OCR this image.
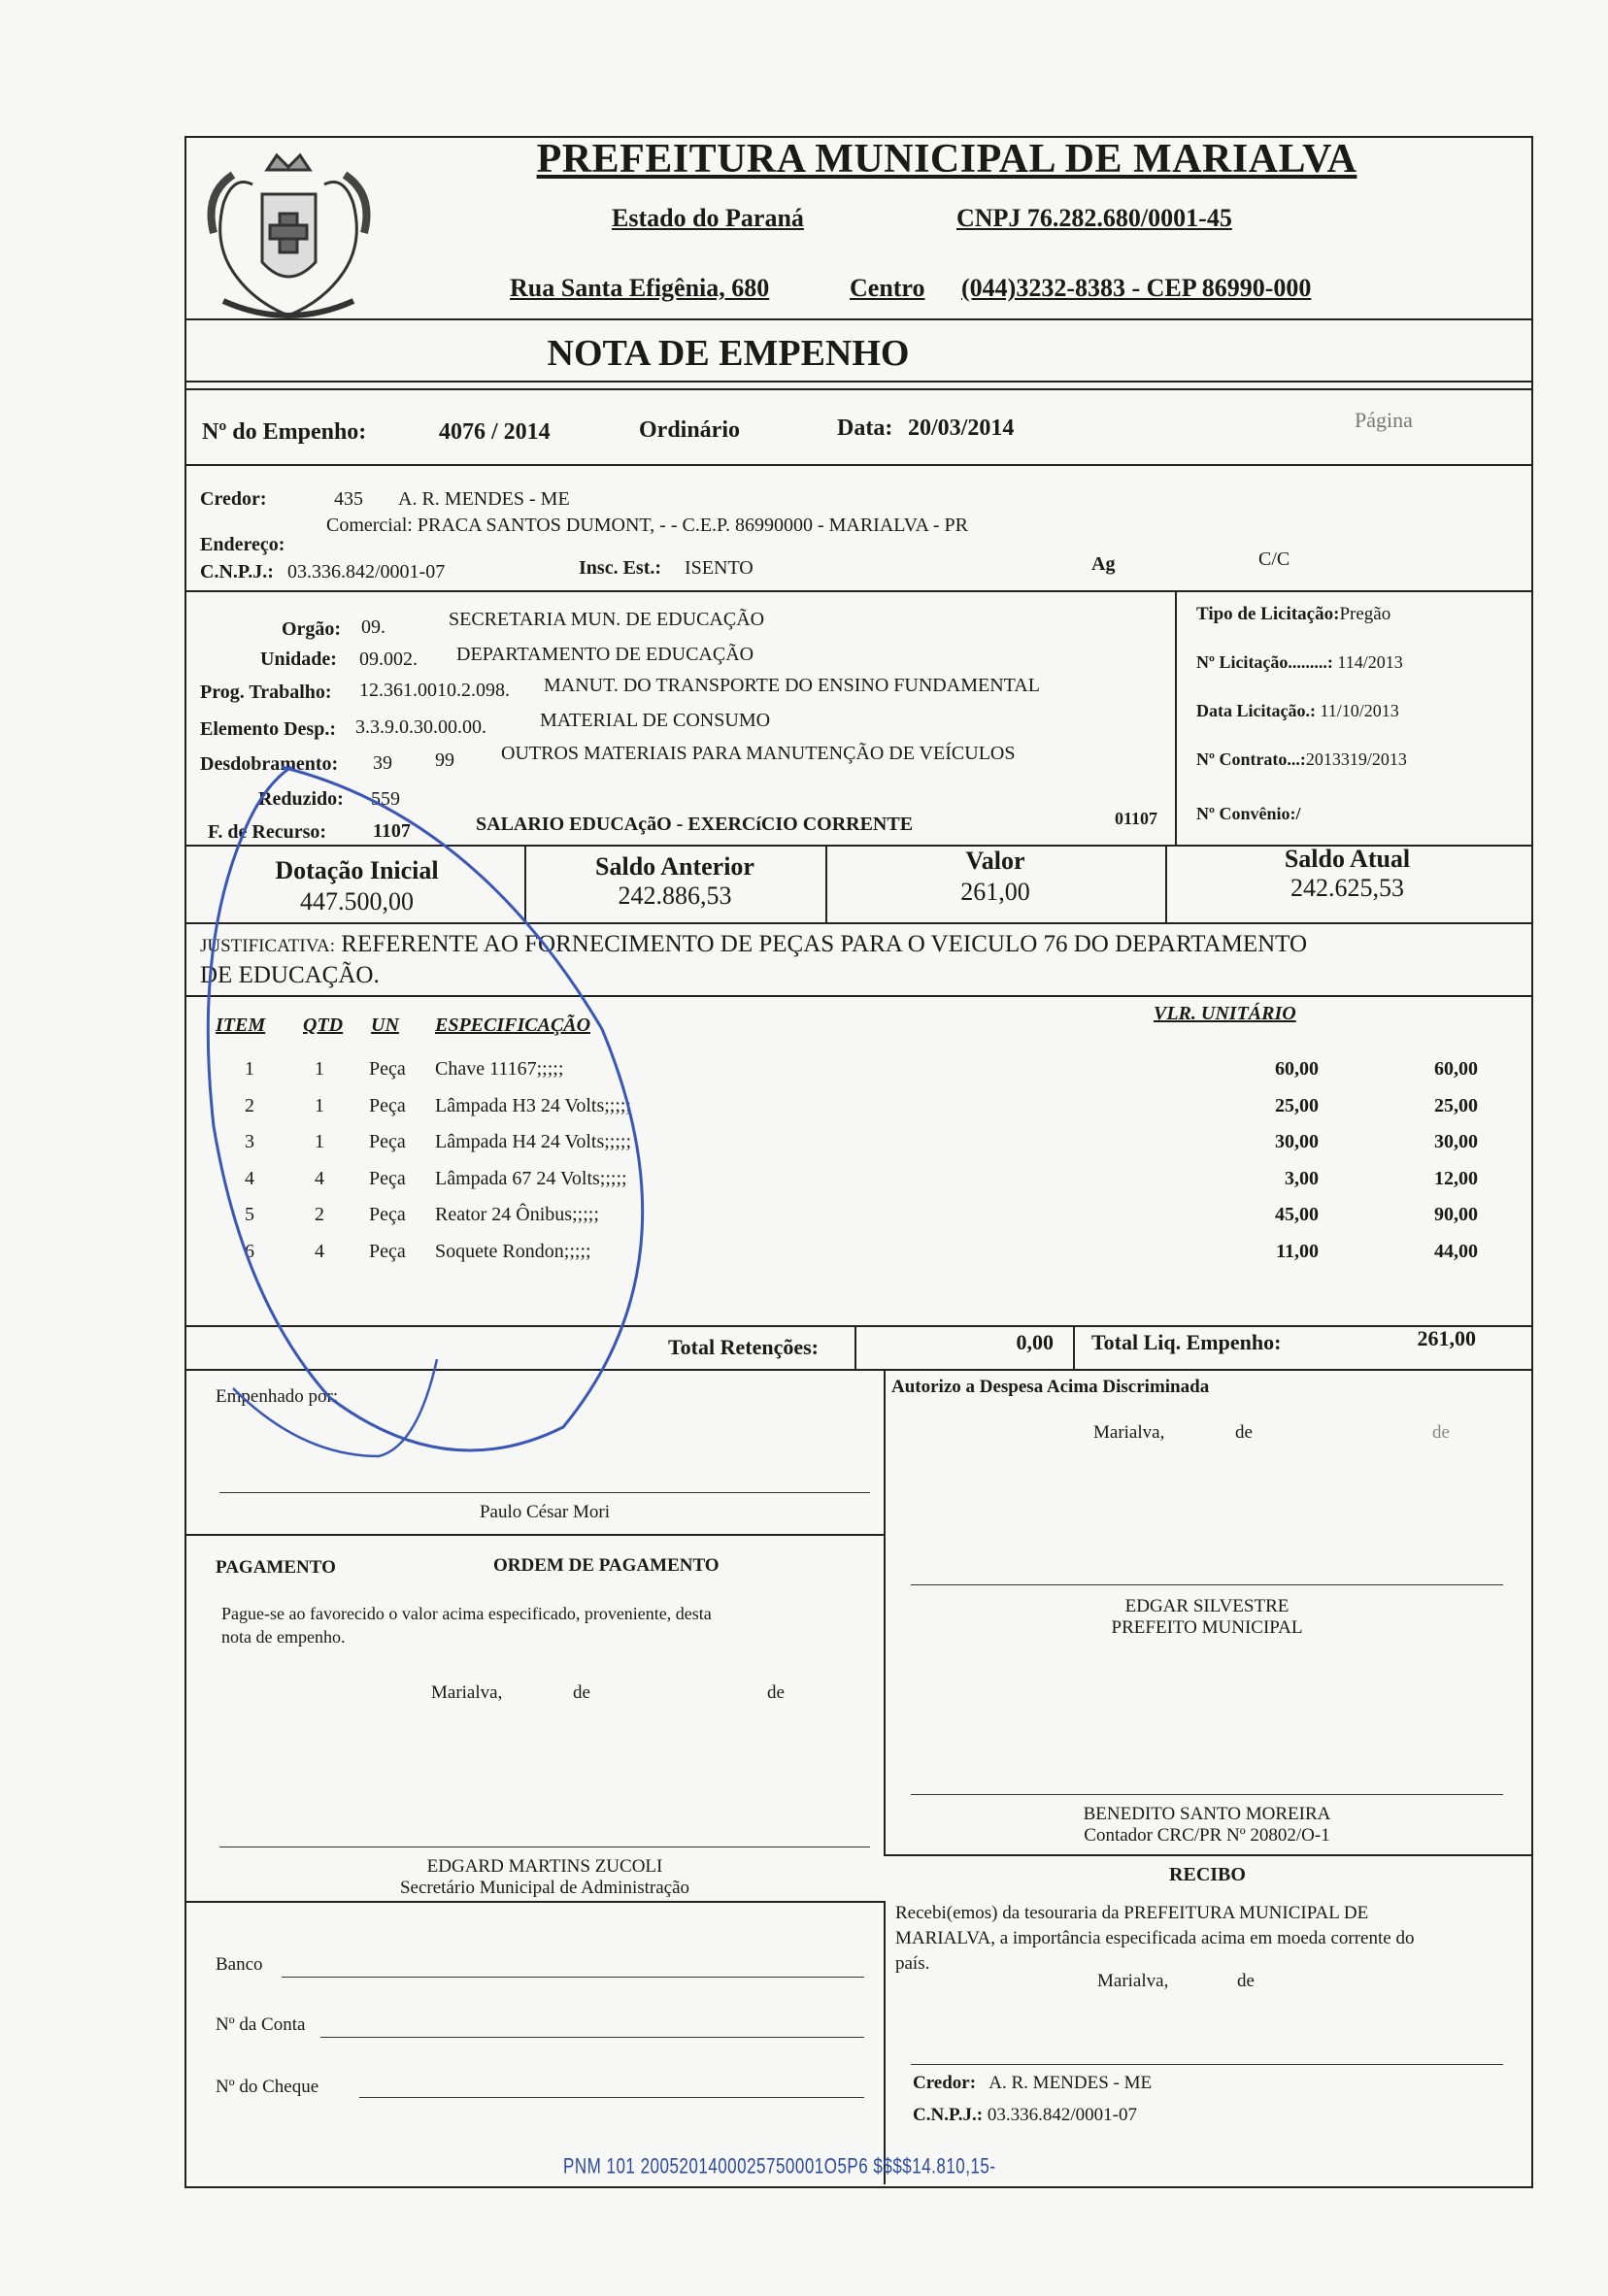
PREFEITURA MUNICIPAL DE MARIALVA
Estado do Paraná	CNPJ 76.282.680/0001-45
Rua Santa Efigênia, 680	Centro (044)3232-8383 - CEP 86990-000
NOTA DE EMPENHO
Nº do Empenho:	4076 / 2014	Ordinário	Data: 20/03/2014	Página
Credor:	435 A. R. MENDES - ME
Endereço:
Comercial: PRACA SANTOS DUMONT, - - C.E.P. 86990000 - MARIALVA - PR
C.N.P.J.: 03.336.842/0001-07	Insc. Est.: ISENTO	Ag	C/C
Orgão: 09.	SECRETARIA MUN. DE EDUCAÇÃO
Unidade: 09.002. DEPARTAMENTO DE EDUCAÇÃO
Prog. Trabalho: 12.361.0010.2.098. MANUT. DO TRANSPORTE DO ENSINO FUNDAMENTAL
Elemento Desp.: 3.3.9.0.30.00.00.	MATERIAL DE CONSUMO
Desdobramento: 39 99 OUTROS MATERIAIS PARA MANUTENÇÃO DE VEÍCULOS
Reduzido: 559
F. de Recurso: 1107	SALARIO EDUCAçãO - EXERCíCIO CORRENTE	01107
Tipo de Licitação:Pregão
Nº Licitação.........: 114/2013
Data Licitação.: 11/10/2013
Nº Contrato...:2013319/2013
Nº Convênio:/
Dotação Inicial
447.500,00
Saldo Anterior
242.886,53
Valor
261,00
Saldo Atual
242.625,53
JUSTIFICATIVA: REFERENTE AO FORNECIMENTO DE PEÇAS PARA O VEICULO 76 DO DEPARTAMENTO
DE EDUCAÇÃO.
ITEM QTD UN ESPECIFICAÇÃO
VLR. UNITÁRIO
1	1 Peça Chave 11167;;;;;	60,00	60,00
2	1 Peça Lâmpada H3 24 Volts;;;;;	25,00	25,00
3	1 Peça Lâmpada H4 24 Volts;;;;;	30,00	30,00
4	4 Peça Lâmpada 67 24 Volts;;;;;	3,00	12,00
5	2 Peça Reator 24 Ônibus;;;;;	45,00	90,00
6	4 Peça Soquete Rondon;;;;;	11,00	44,00
Total Retenções:	0,00 Total Liq. Empenho:	261,00
Empenhado por:
Paulo César Mori
Autorizo a Despesa Acima Discriminada
Marialva,	de	de
PAGAMENTO	ORDEM DE PAGAMENTO
Pague-se ao favorecido o valor acima especificado, proveniente, desta
nota de empenho.
Marialva,	de	de
EDGAR SILVESTRE
PREFEITO MUNICIPAL
BENEDITO SANTO MOREIRA
Contador CRC/PR Nº 20802/O-1
EDGARD MARTINS ZUCOLI
Secretário Municipal de Administração
RECIBO
Recebi(emos) da tesouraria da PREFEITURA MUNICIPAL DE
MARIALVA, a importância especificada acima em moeda corrente do
país.
Marialva,	de
Banco
Nº da Conta
Nº do Cheque	Credor: A. R. MENDES - ME
C.N.P.J.: 03.336.842/0001-07
PNM 101 2005201400025750001O5P6 $$$$14.810,15-
